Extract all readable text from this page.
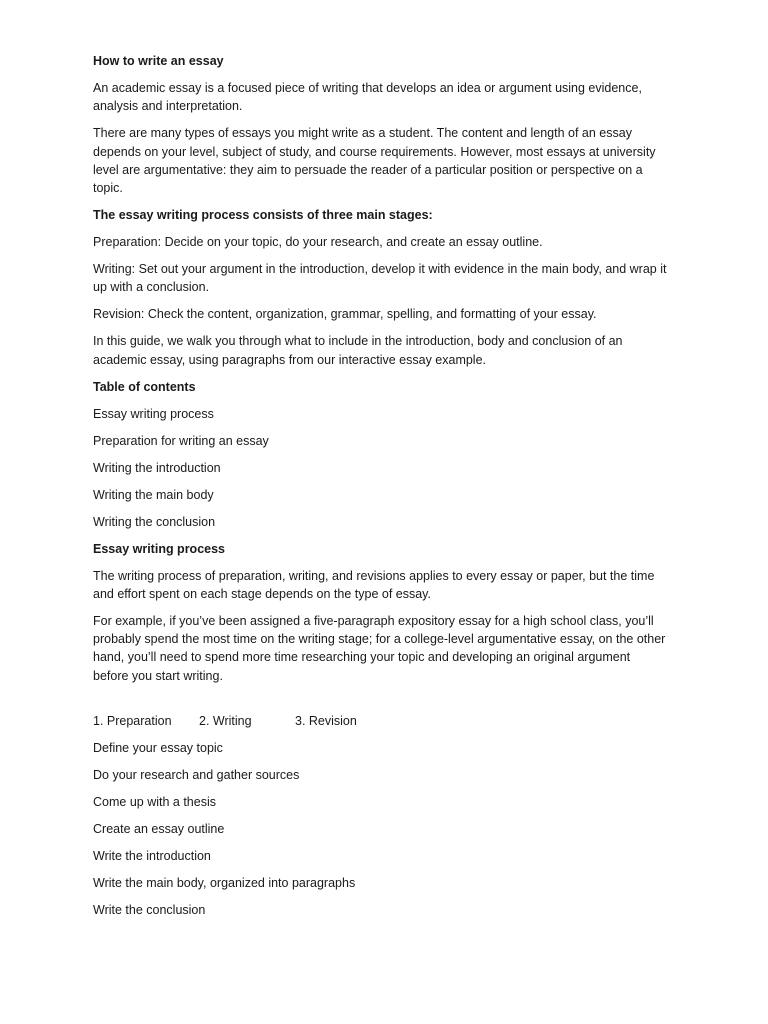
How to write an essay
An academic essay is a focused piece of writing that develops an idea or argument using evidence, analysis and interpretation.
There are many types of essays you might write as a student. The content and length of an essay depends on your level, subject of study, and course requirements. However, most essays at university level are argumentative: they aim to persuade the reader of a particular position or perspective on a topic.
The essay writing process consists of three main stages:
Preparation: Decide on your topic, do your research, and create an essay outline.
Writing: Set out your argument in the introduction, develop it with evidence in the main body, and wrap it up with a conclusion.
Revision: Check the content, organization, grammar, spelling, and formatting of your essay.
In this guide, we walk you through what to include in the introduction, body and conclusion of an academic essay, using paragraphs from our interactive essay example.
Table of contents
Essay writing process
Preparation for writing an essay
Writing the introduction
Writing the main body
Writing the conclusion
Essay writing process
The writing process of preparation, writing, and revisions applies to every essay or paper, but the time and effort spent on each stage depends on the type of essay.
For example, if you’ve been assigned a five-paragraph expository essay for a high school class, you’ll probably spend the most time on the writing stage; for a college-level argumentative essay, on the other hand, you’ll need to spend more time researching your topic and developing an original argument before you start writing.
1. Preparation	2. Writing	3. Revision
Define your essay topic
Do your research and gather sources
Come up with a thesis
Create an essay outline
Write the introduction
Write the main body, organized into paragraphs
Write the conclusion
